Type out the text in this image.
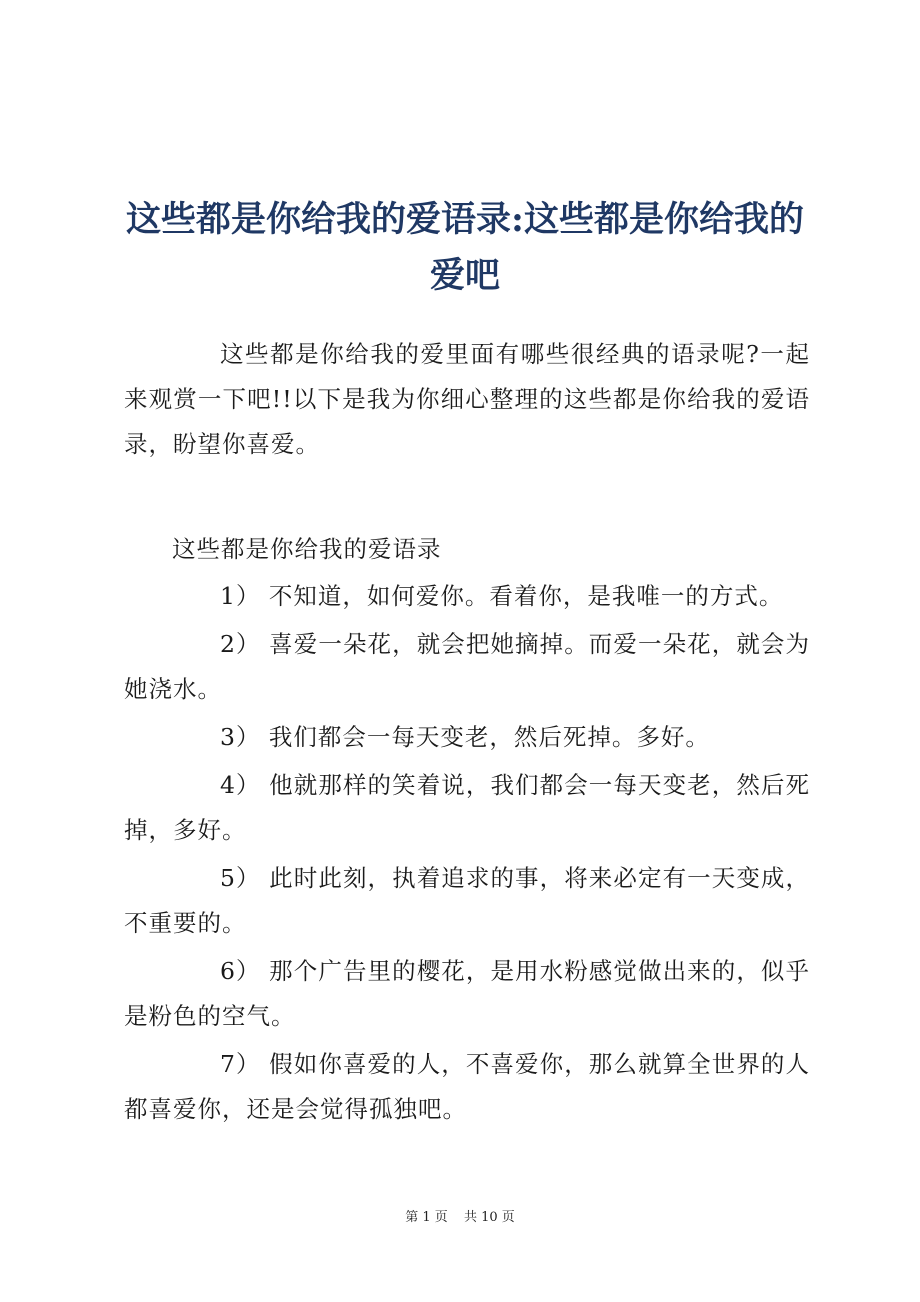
这些都是你给我的爱语录:这些都是你给我的爱吧

这些都是你给我的爱里面有哪些很经典的语录呢?一起来观赏一下吧!!以下是我为你细心整理的这些都是你给我的爱语录，盼望你喜爱。

这些都是你给我的爱语录

1） 不知道，如何爱你。看着你，是我唯一的方式。
2） 喜爱一朵花，就会把她摘掉。而爱一朵花，就会为她浇水。
3） 我们都会一每天变老，然后死掉。多好。
4） 他就那样的笑着说，我们都会一每天变老，然后死掉，多好。
5） 此时此刻，执着追求的事，将来必定有一天变成，不重要的。
6） 那个广告里的樱花，是用水粉感觉做出来的，似乎是粉色的空气。
7） 假如你喜爱的人，不喜爱你，那么就算全世界的人都喜爱你，还是会觉得孤独吧。
第 1 页 共 10 页
